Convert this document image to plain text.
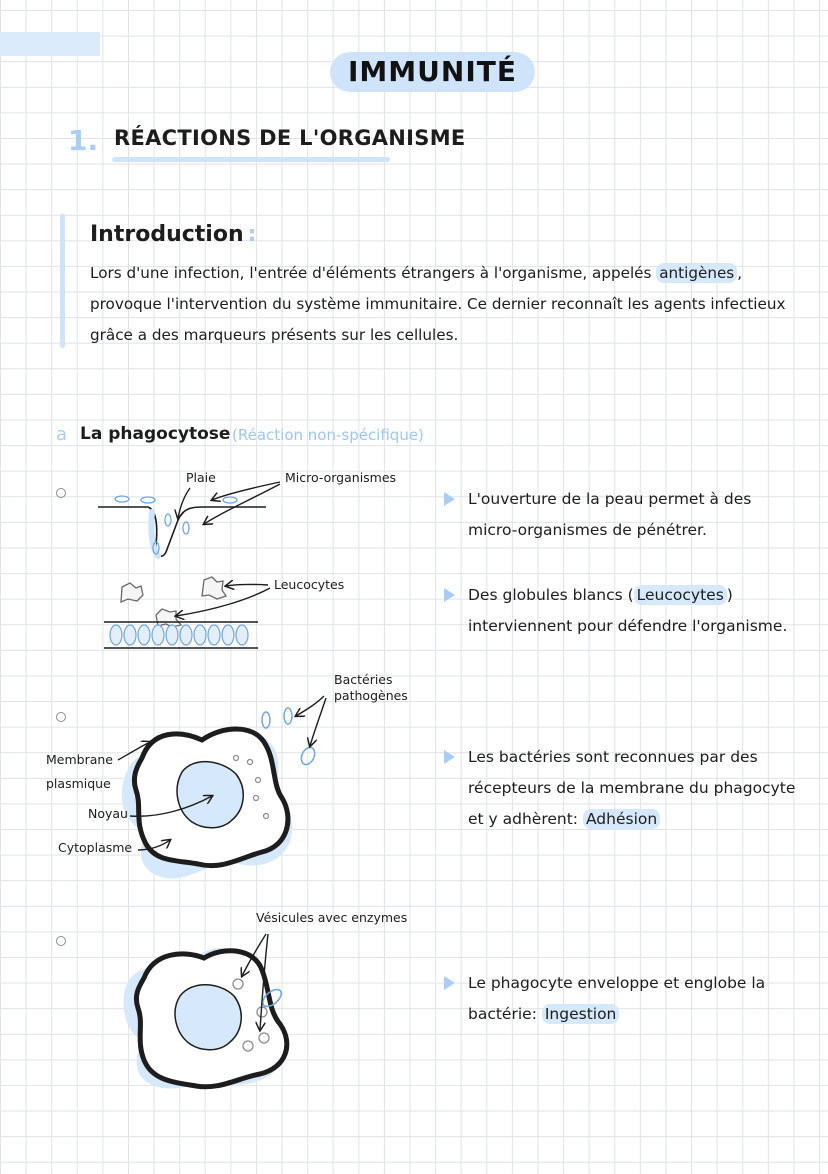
IMMUNITÉ
1. RÉACTIONS DE L'ORGANISME
Introduction :
Lors d'une infection, l'entrée d'éléments étrangers à l'organisme, appelés antigènes , provoque l'intervention du système immunitaire. Ce dernier reconnaît les agents infectieux grâce a des marqueurs présents sur les cellules.
a La phagocytose (Réaction non-spécifique)
Plaie	Micro-organismes
Leucocytes
L'ouverture de la peau permet à des micro-organismes de pénétrer.
Des globules blancs ( Leucocytes ) interviennent pour défendre l'organisme.
Bactéries
pathogènes
Membrane
plasmique
Noyau
Cytoplasme
Les bactéries sont reconnues par des récepteurs de la membrane du phagocyte et y adhèrent: Adhésion
Vésicules avec enzymes
Le phagocyte enveloppe et englobe la bactérie: Ingestion
